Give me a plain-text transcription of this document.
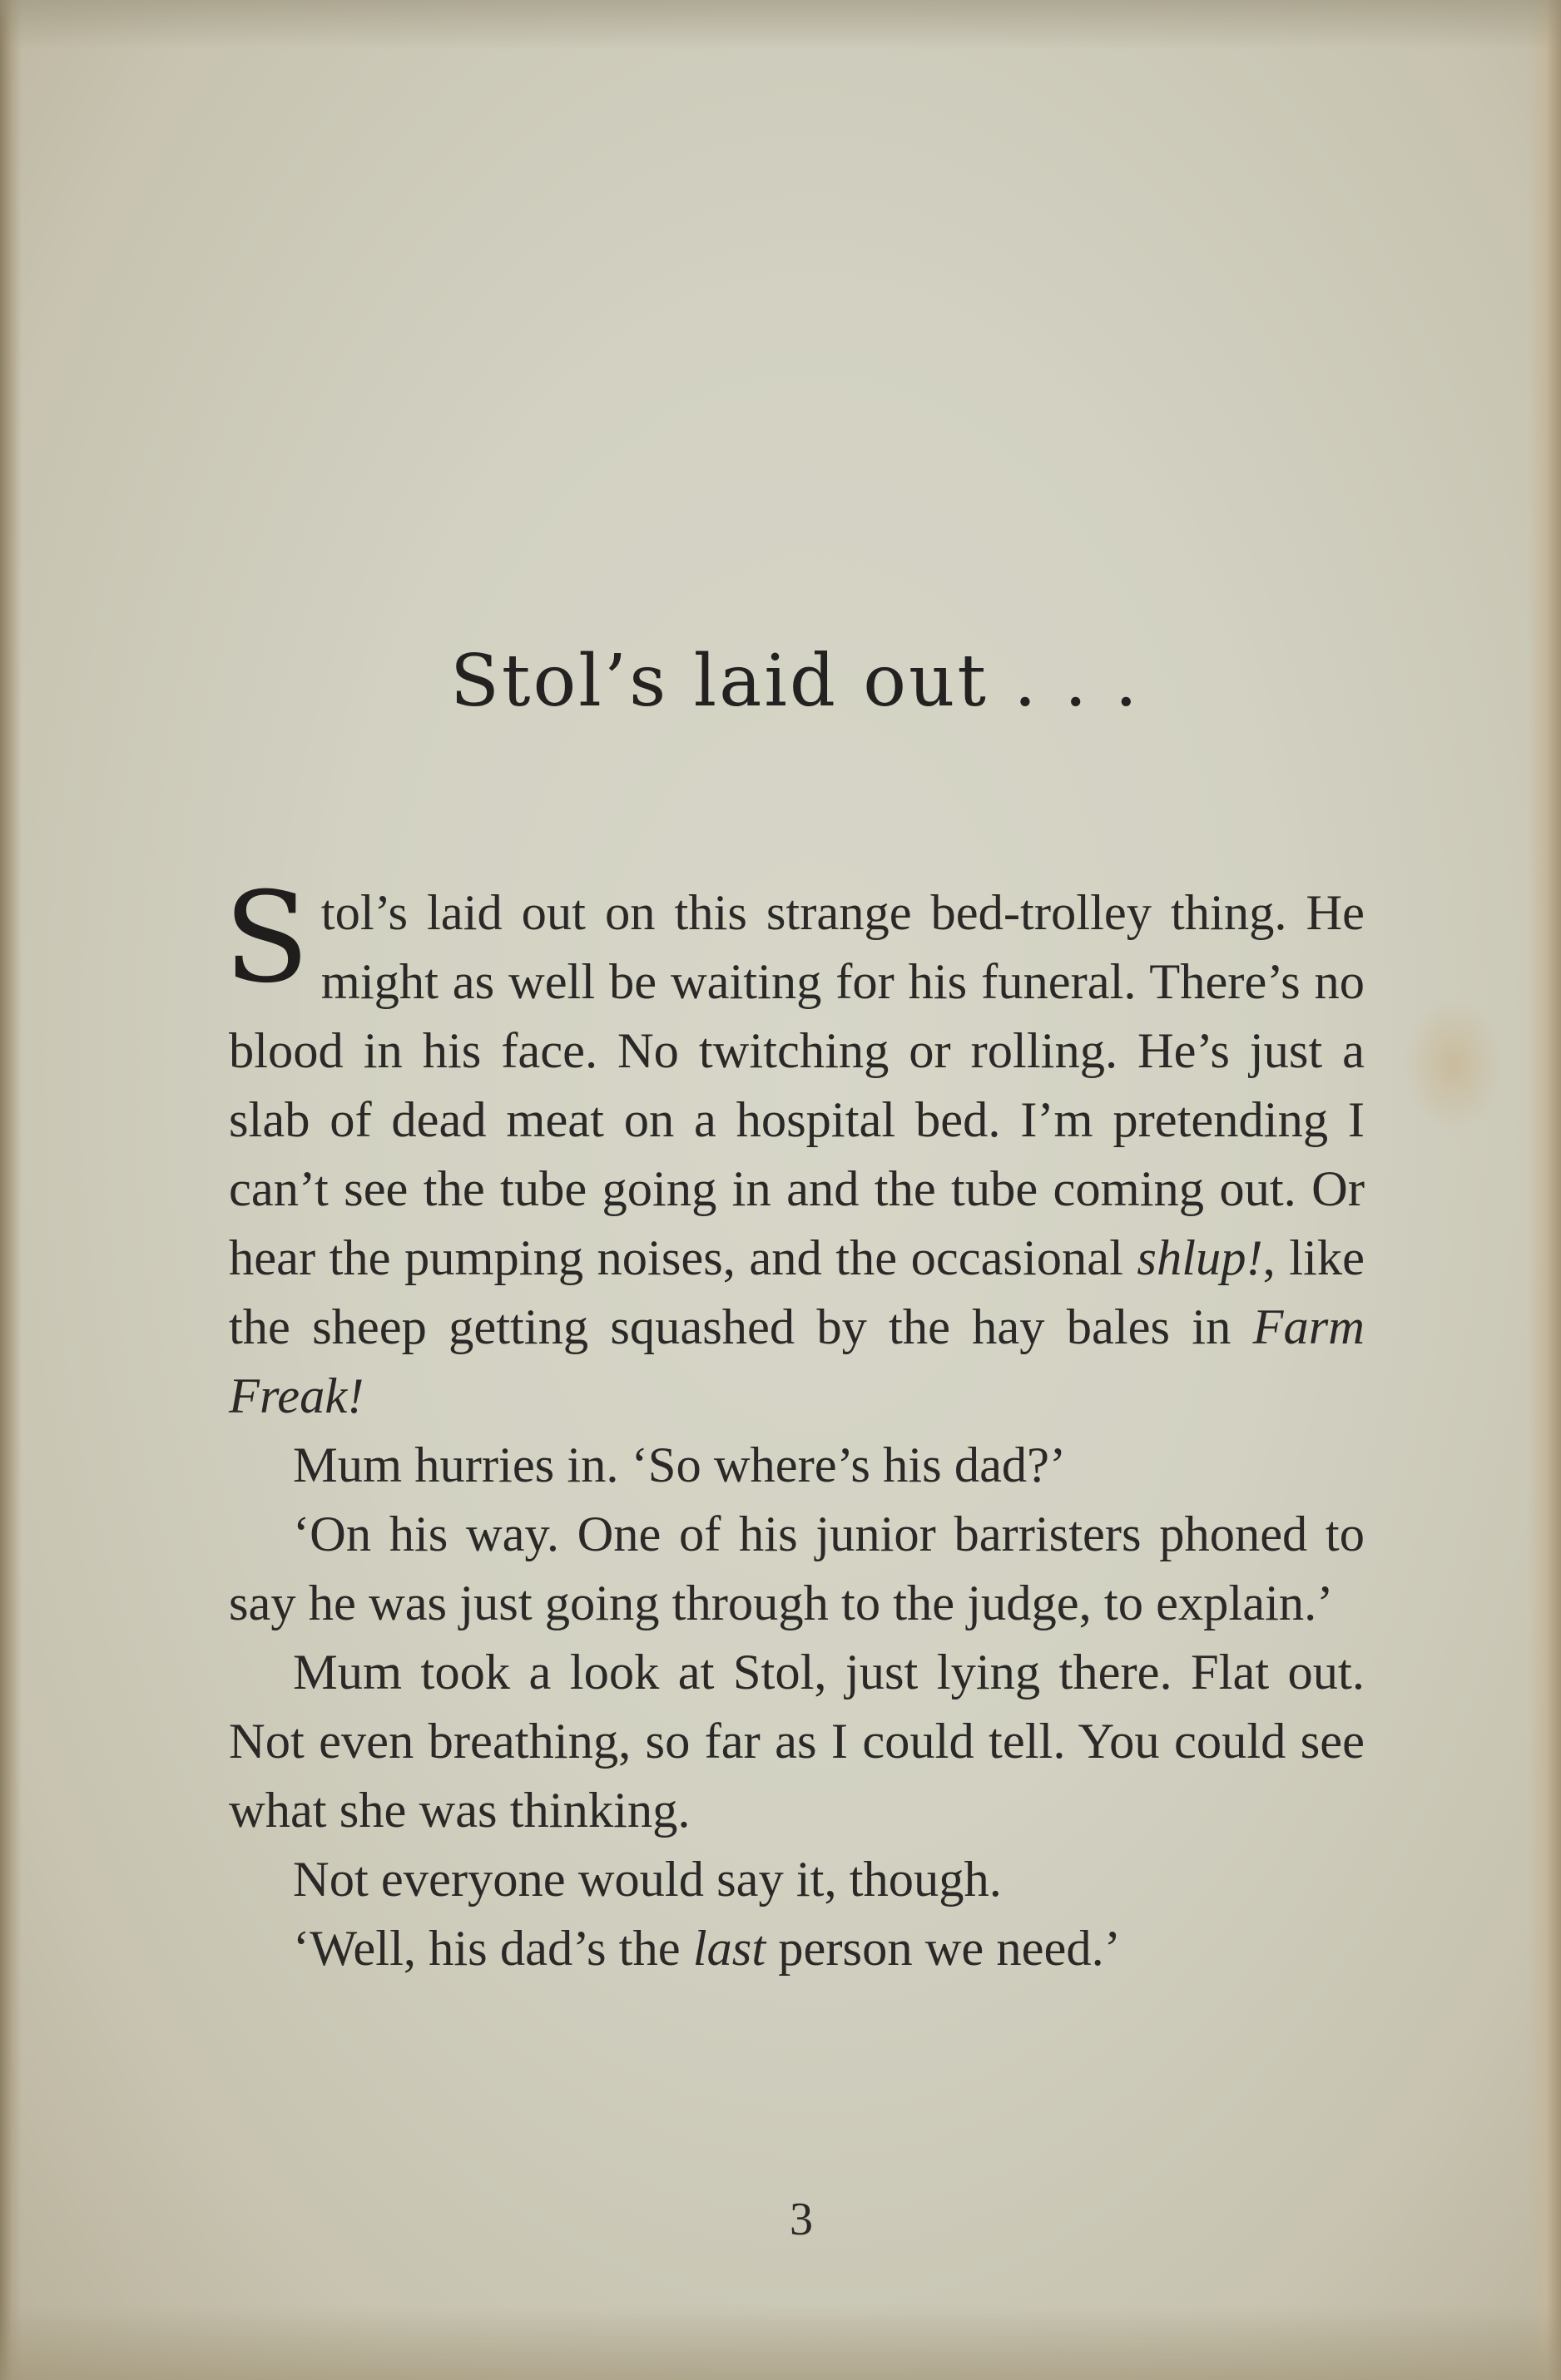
Stol’s laid out . . .

Stol’s laid out on this strange bed-trolley thing. He might as well be waiting for his funeral. There’s no blood in his face. No twitching or rolling. He’s just a slab of dead meat on a hospital bed. I’m pretending I can’t see the tube going in and the tube coming out. Or hear the pumping noises, and the occasional shlup!, like the sheep getting squashed by the hay bales in Farm Freak!

Mum hurries in. ‘So where’s his dad?’

‘On his way. One of his junior barristers phoned to say he was just going through to the judge, to explain.’

Mum took a look at Stol, just lying there. Flat out. Not even breathing, so far as I could tell. You could see what she was thinking.

Not everyone would say it, though.

‘Well, his dad’s the last person we need.’

3
